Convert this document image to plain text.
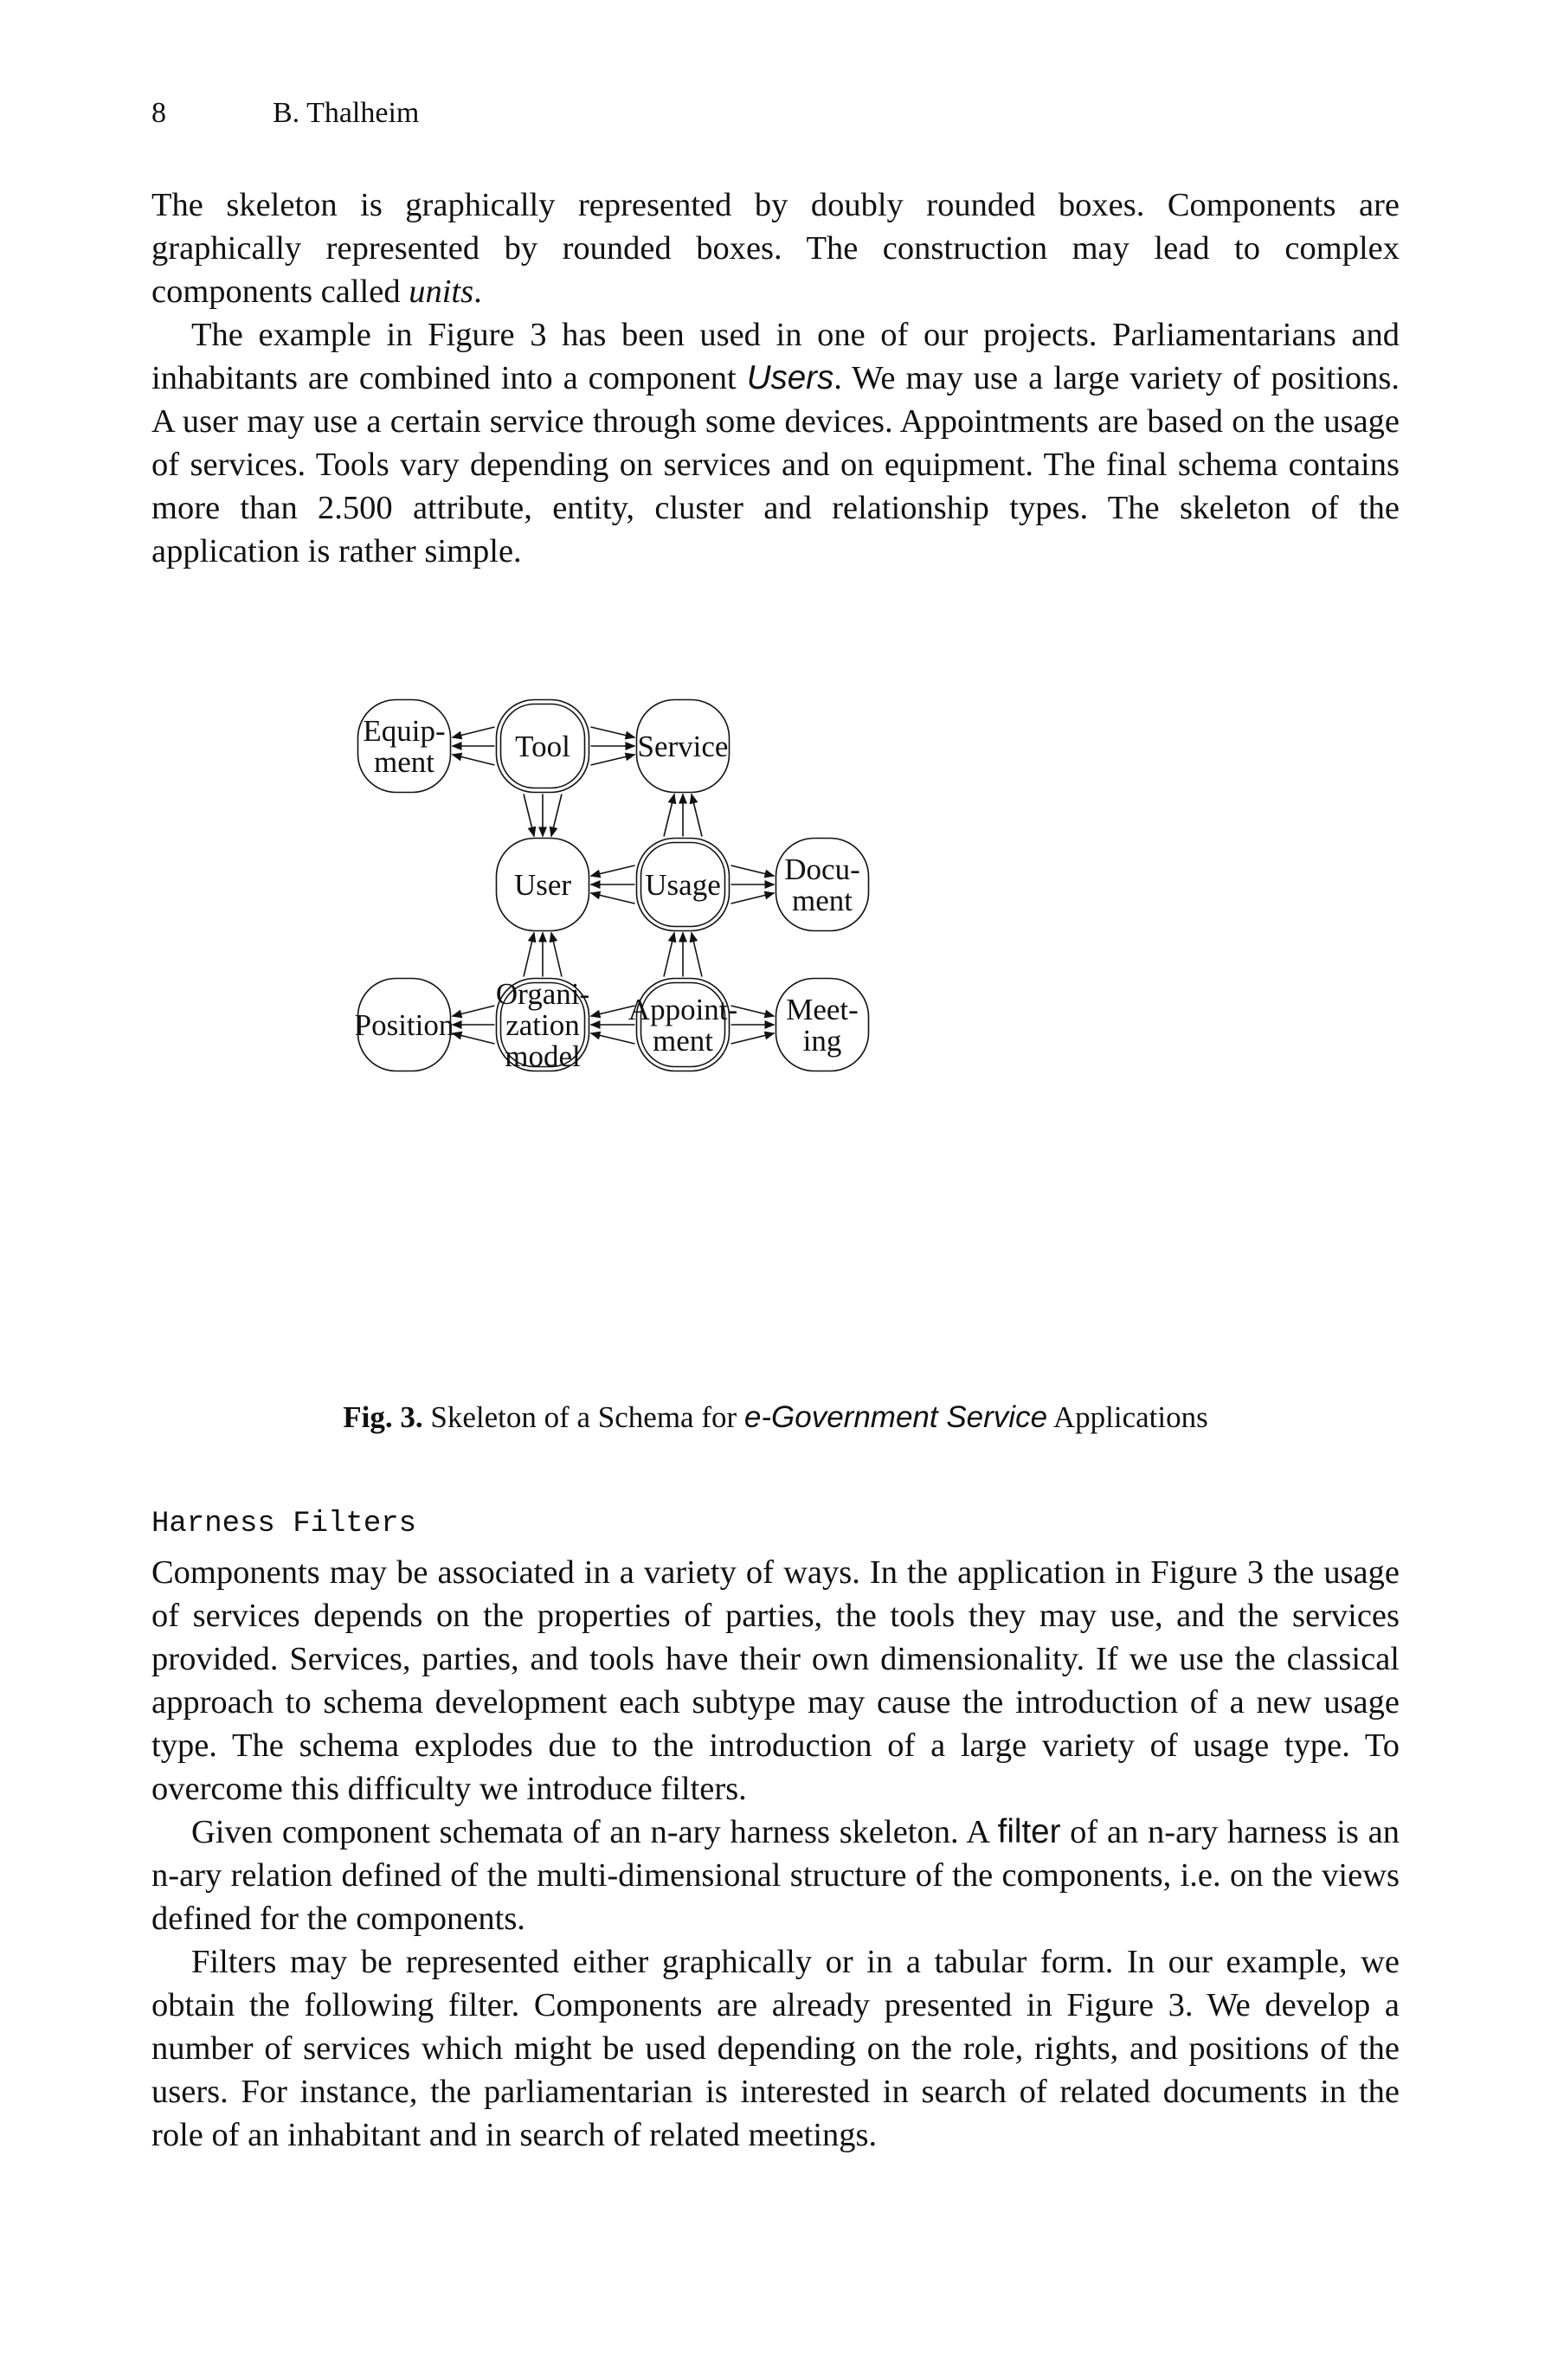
8	B. Thalheim

The skeleton is graphically represented by doubly rounded boxes. Components are graphically represented by rounded boxes. The construction may lead to complex components called units.

The example in Figure 3 has been used in one of our projects. Parliamentarians and inhabitants are combined into a component Users. We may use a large variety of positions. A user may use a certain service through some devices. Appointments are based on the usage of services. Tools vary depending on services and on equipment. The final schema contains more than 2.500 attribute, entity, cluster and relationship types. The skeleton of the application is rather simple.

Equip-
ment	Tool Service
User Usage Docu-
ment
Position
Organi-
zation
model
Appoint-
ment
Meet-
ing
Fig. 3. Skeleton of a Schema for e-Government Service Applications
Harness Filters

Components may be associated in a variety of ways. In the application in Figure 3 the usage of services depends on the properties of parties, the tools they may use, and the services provided. Services, parties, and tools have their own dimensionality. If we use the classical approach to schema development each subtype may cause the introduction of a new usage type. The schema explodes due to the introduction of a large variety of usage type. To overcome this difficulty we introduce filters.

Given component schemata of an n-ary harness skeleton. A filter of an n-ary harness is an n-ary relation defined of the multi-dimensional structure of the components, i.e. on the views defined for the components.

Filters may be represented either graphically or in a tabular form. In our example, we obtain the following filter. Components are already presented in Figure 3. We develop a number of services which might be used depending on the role, rights, and positions of the users. For instance, the parliamentarian is interested in search of related documents in the role of an inhabitant and in search of related meetings.
